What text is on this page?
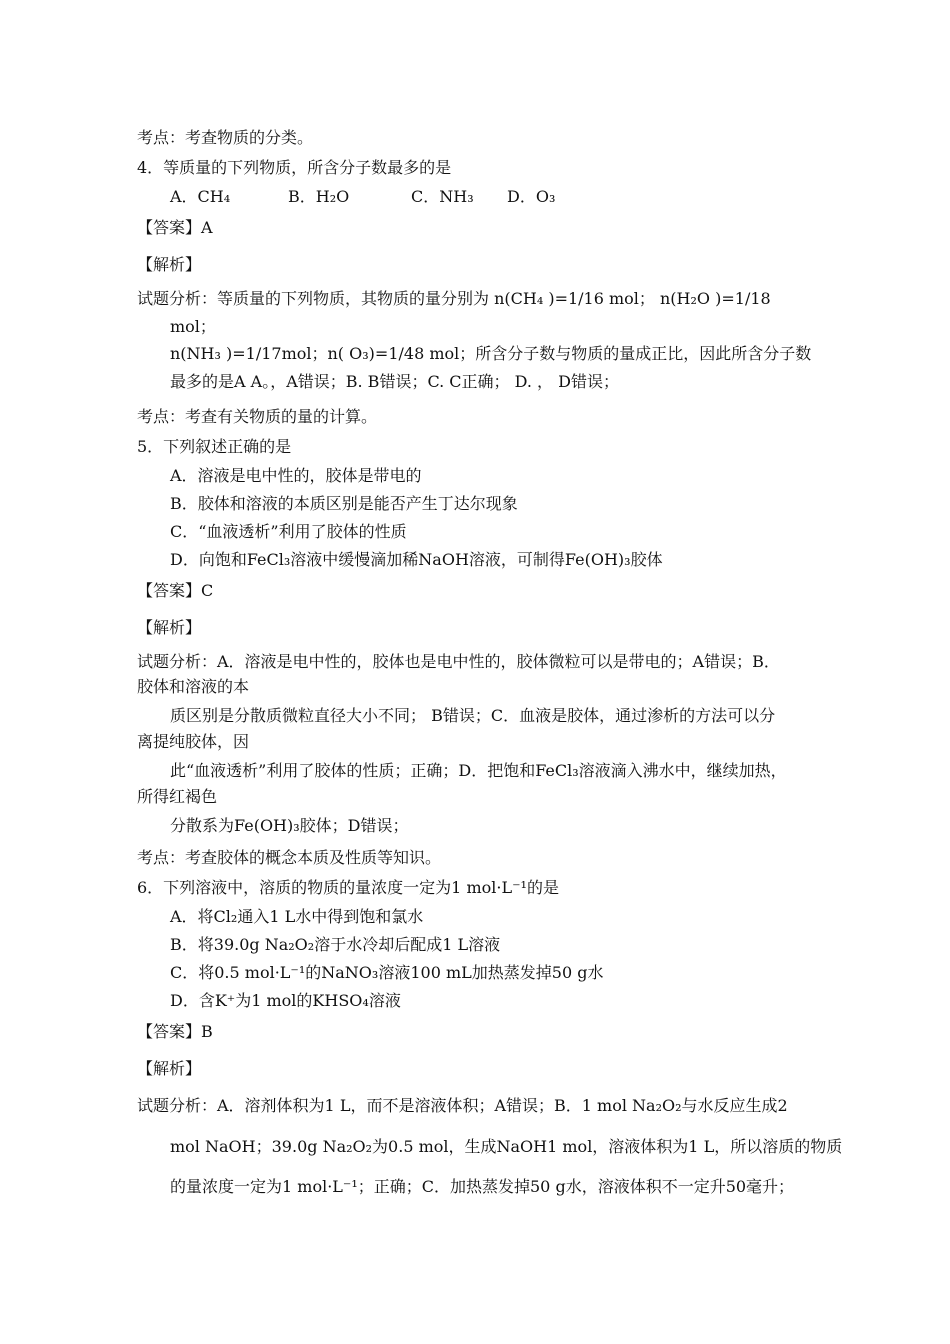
考点：考查物质的分类。
4．等质量的下列物质，所含分子数最多的是
A．CH₄	B．H₂O	C．NH₃ D．O₃
【答案】A
【解析】
试题分析：等质量的下列物质，其物质的量分别为 n(CH₄ )=1/16 mol； n(H₂O )=1/18
mol；
n(NH₃ )=1/17mol；n( O₃)=1/48 mol；所含分子数与物质的量成正比，因此所含分子数
最多的是A A。，A错误；B. B错误；C. C正确； D. ， D错误；
考点：考查有关物质的量的计算。
5．下列叙述正确的是
A．溶液是电中性的，胶体是带电的
B．胶体和溶液的本质区别是能否产生丁达尔现象
C．“血液透析”利用了胶体的性质
D．向饱和FeCl₃溶液中缓慢滴加稀NaOH溶液，可制得Fe(OH)₃胶体
【答案】C
【解析】
试题分析：A．溶液是电中性的，胶体也是电中性的，胶体微粒可以是带电的；A错误；B．
胶体和溶液的本
质区别是分散质微粒直径大小不同； B错误；C．血液是胶体，通过渗析的方法可以分
离提纯胶体，因
此“血液透析”利用了胶体的性质；正确；D．把饱和FeCl₃溶液滴入沸水中，继续加热，
所得红褐色
分散系为Fe(OH)₃胶体；D错误；
考点：考查胶体的概念本质及性质等知识。
6．下列溶液中，溶质的物质的量浓度一定为1 mol·L⁻¹的是
A．将Cl₂通入1 L水中得到饱和氯水
B．将39.0g Na₂O₂溶于水冷却后配成1 L溶液
C．将0.5 mol·L⁻¹的NaNO₃溶液100 mL加热蒸发掉50 g水
D．含K⁺为1 mol的KHSO₄溶液
【答案】B
【解析】
试题分析：A．溶剂体积为1 L，而不是溶液体积；A错误；B．1 mol Na₂O₂与水反应生成2
mol NaOH；39.0g Na₂O₂为0.5 mol，生成NaOH1 mol，溶液体积为1 L，所以溶质的物质
的量浓度一定为1 mol·L⁻¹；正确；C．加热蒸发掉50 g水，溶液体积不一定升50毫升；
